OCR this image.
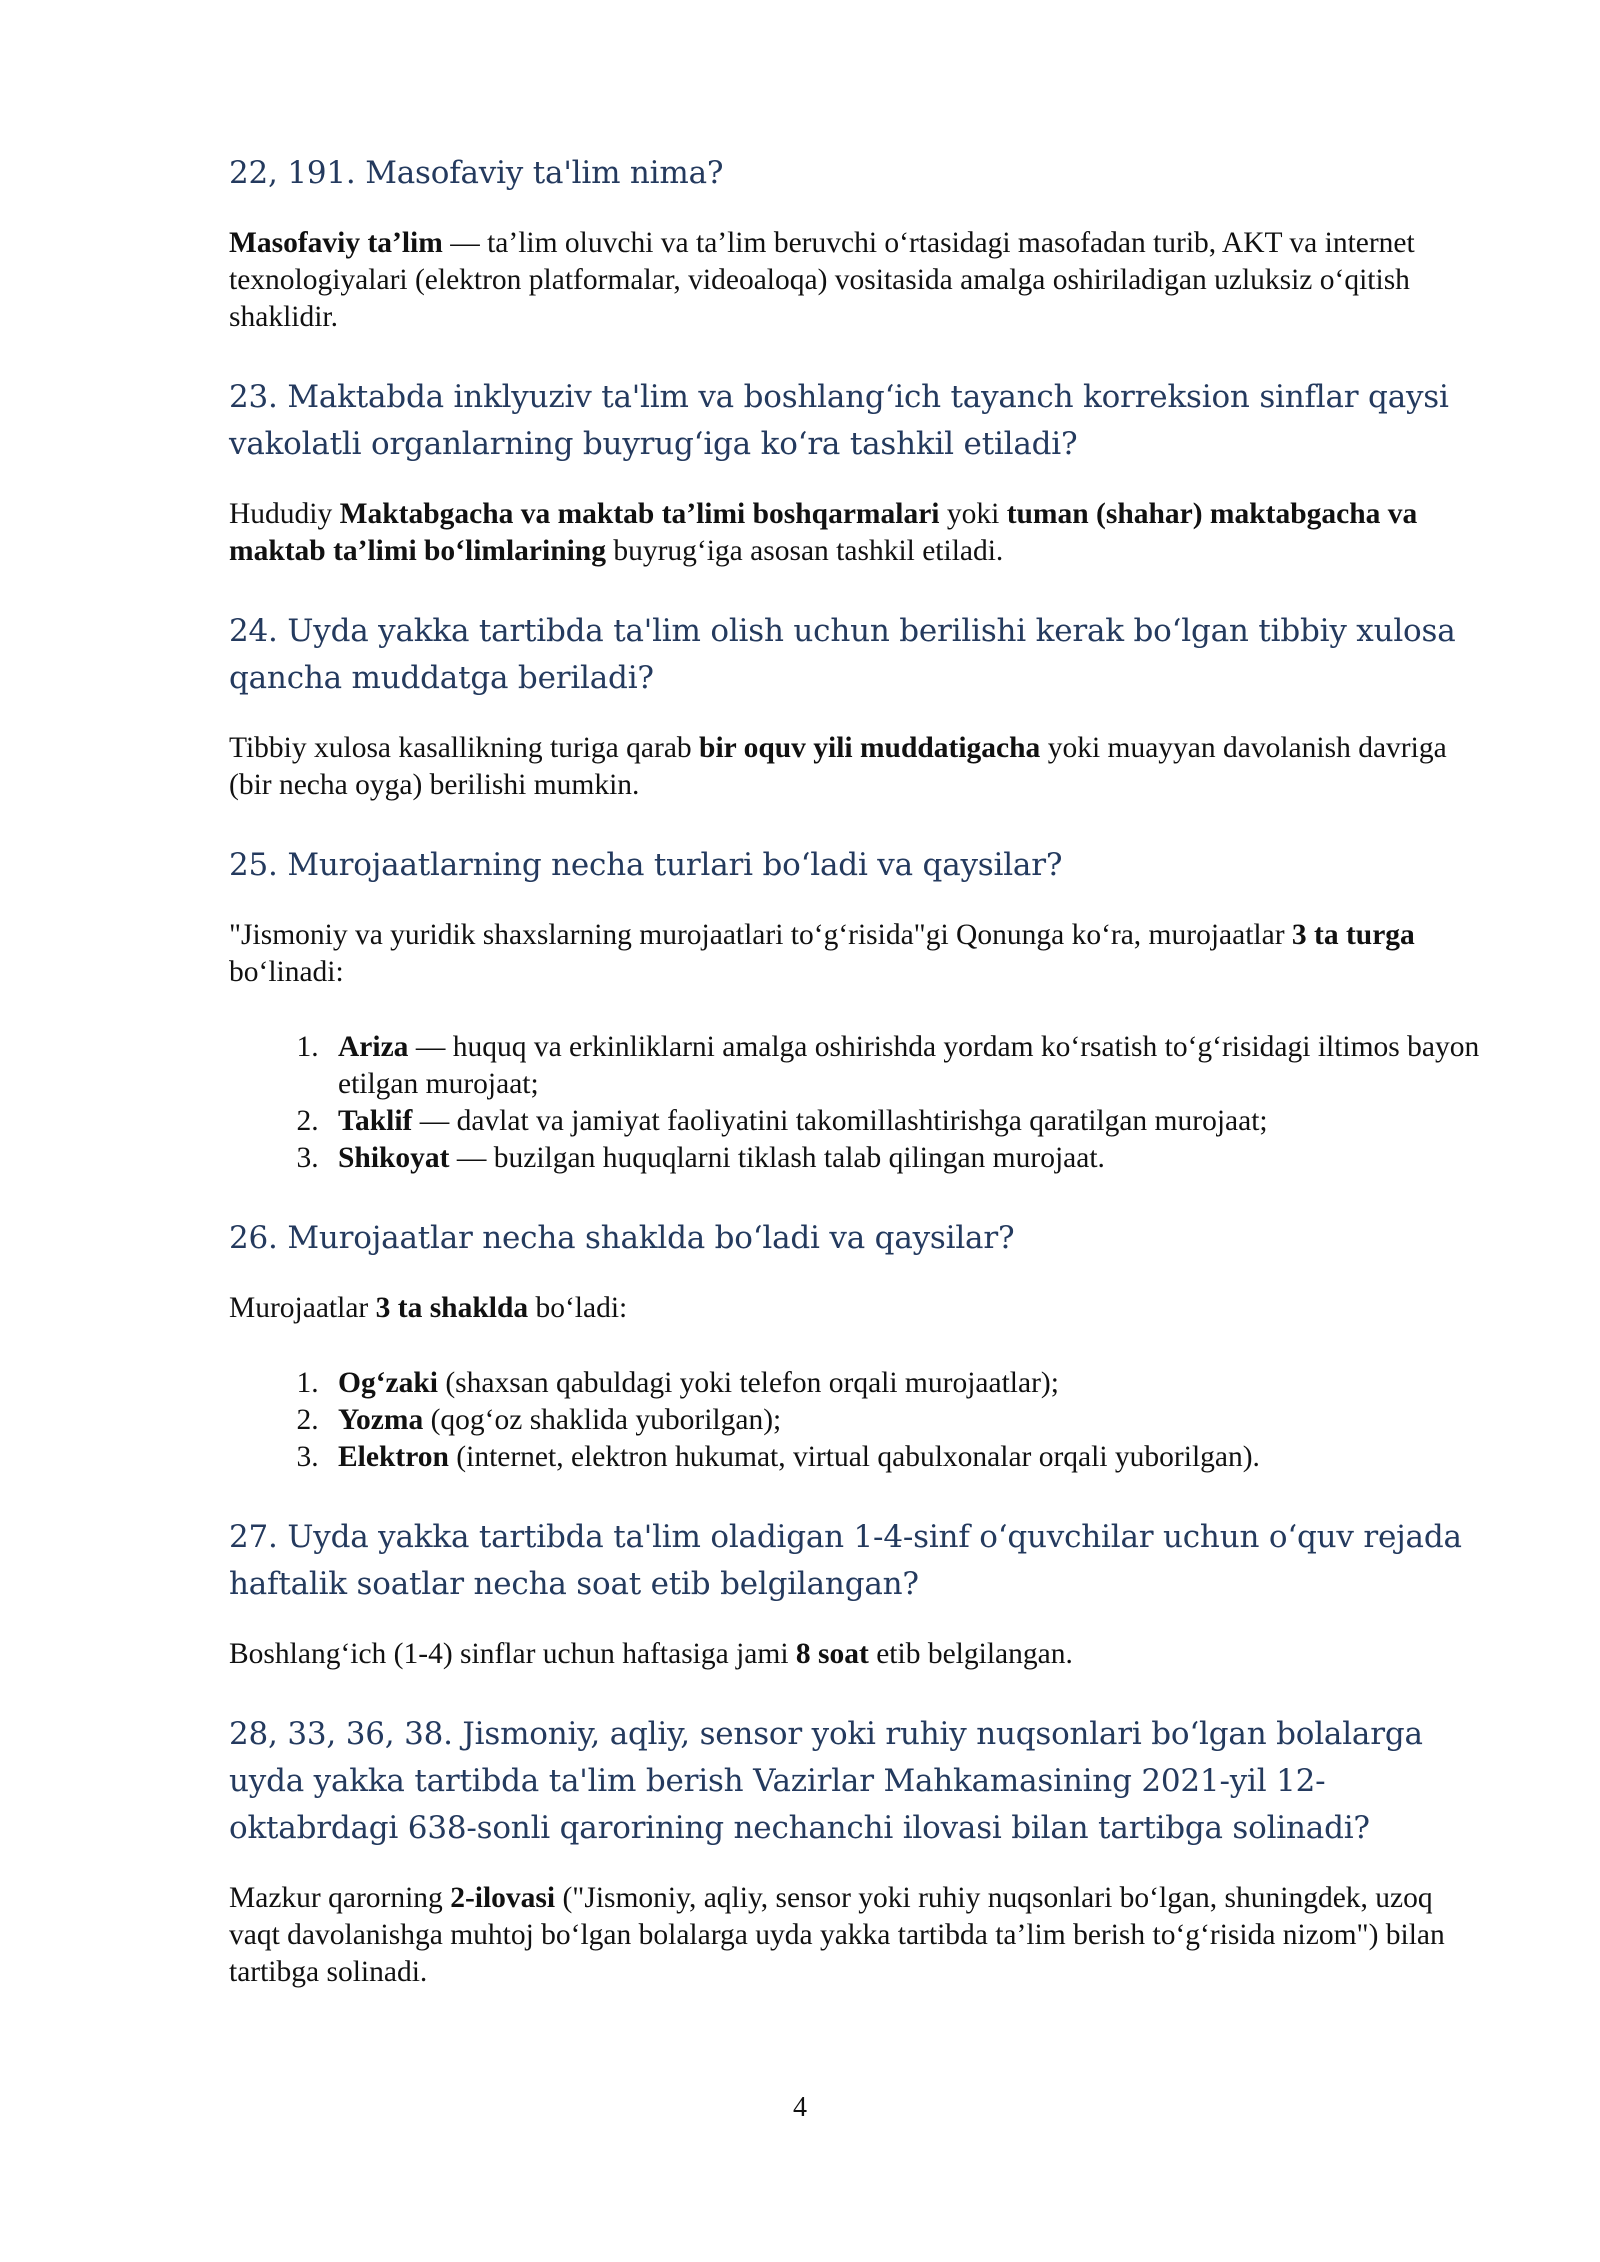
22, 191. Masofaviy ta'lim nima?

Masofaviy ta’lim — ta’lim oluvchi va ta’lim beruvchi o‘rtasidagi masofadan turib, AKT va internet texnologiyalari (elektron platformalar, videoaloqa) vositasida amalga oshiriladigan uzluksiz o‘qitish shaklidir.

23. Maktabda inklyuziv ta'lim va boshlang‘ich tayanch korreksion sinflar qaysi vakolatli organlarning buyrug‘iga ko‘ra tashkil etiladi?

Hududiy Maktabgacha va maktab ta’limi boshqarmalari yoki tuman (shahar) maktabgacha va maktab ta’limi bo‘limlarining buyrug‘iga asosan tashkil etiladi.

24. Uyda yakka tartibda ta'lim olish uchun berilishi kerak bo‘lgan tibbiy xulosa qancha muddatga beriladi?

Tibbiy xulosa kasallikning turiga qarab bir oquv yili muddatigacha yoki muayyan davolanish davriga (bir necha oyga) berilishi mumkin.

25. Murojaatlarning necha turlari bo‘ladi va qaysilar?

"Jismoniy va yuridik shaxslarning murojaatlari to‘g‘risida"gi Qonunga ko‘ra, murojaatlar 3 ta turga bo‘linadi:

1. Ariza — huquq va erkinliklarni amalga oshirishda yordam ko‘rsatish to‘g‘risidagi iltimos bayon etilgan murojaat;
2. Taklif — davlat va jamiyat faoliyatini takomillashtirishga qaratilgan murojaat;
3. Shikoyat — buzilgan huquqlarni tiklash talab qilingan murojaat.
26. Murojaatlar necha shaklda bo‘ladi va qaysilar?

Murojaatlar 3 ta shaklda bo‘ladi:

1. Og‘zaki (shaxsan qabuldagi yoki telefon orqali murojaatlar);
2. Yozma (qog‘oz shaklida yuborilgan);
3. Elektron (internet, elektron hukumat, virtual qabulxonalar orqali yuborilgan).
27. Uyda yakka tartibda ta'lim oladigan 1-4-sinf o‘quvchilar uchun o‘quv rejada haftalik soatlar necha soat etib belgilangan?

Boshlang‘ich (1-4) sinflar uchun haftasiga jami 8 soat etib belgilangan.

28, 33, 36, 38. Jismoniy, aqliy, sensor yoki ruhiy nuqsonlari bo‘lgan bolalarga uyda yakka tartibda ta'lim berish Vazirlar Mahkamasining 2021-yil 12-oktabrdagi 638-sonli qarorining nechanchi ilovasi bilan tartibga solinadi?

Mazkur qarorning 2-ilovasi ("Jismoniy, aqliy, sensor yoki ruhiy nuqsonlari bo‘lgan, shuningdek, uzoq vaqt davolanishga muhtoj bo‘lgan bolalarga uyda yakka tartibda ta’lim berish to‘g‘risida nizom") bilan tartibga solinadi.

4
